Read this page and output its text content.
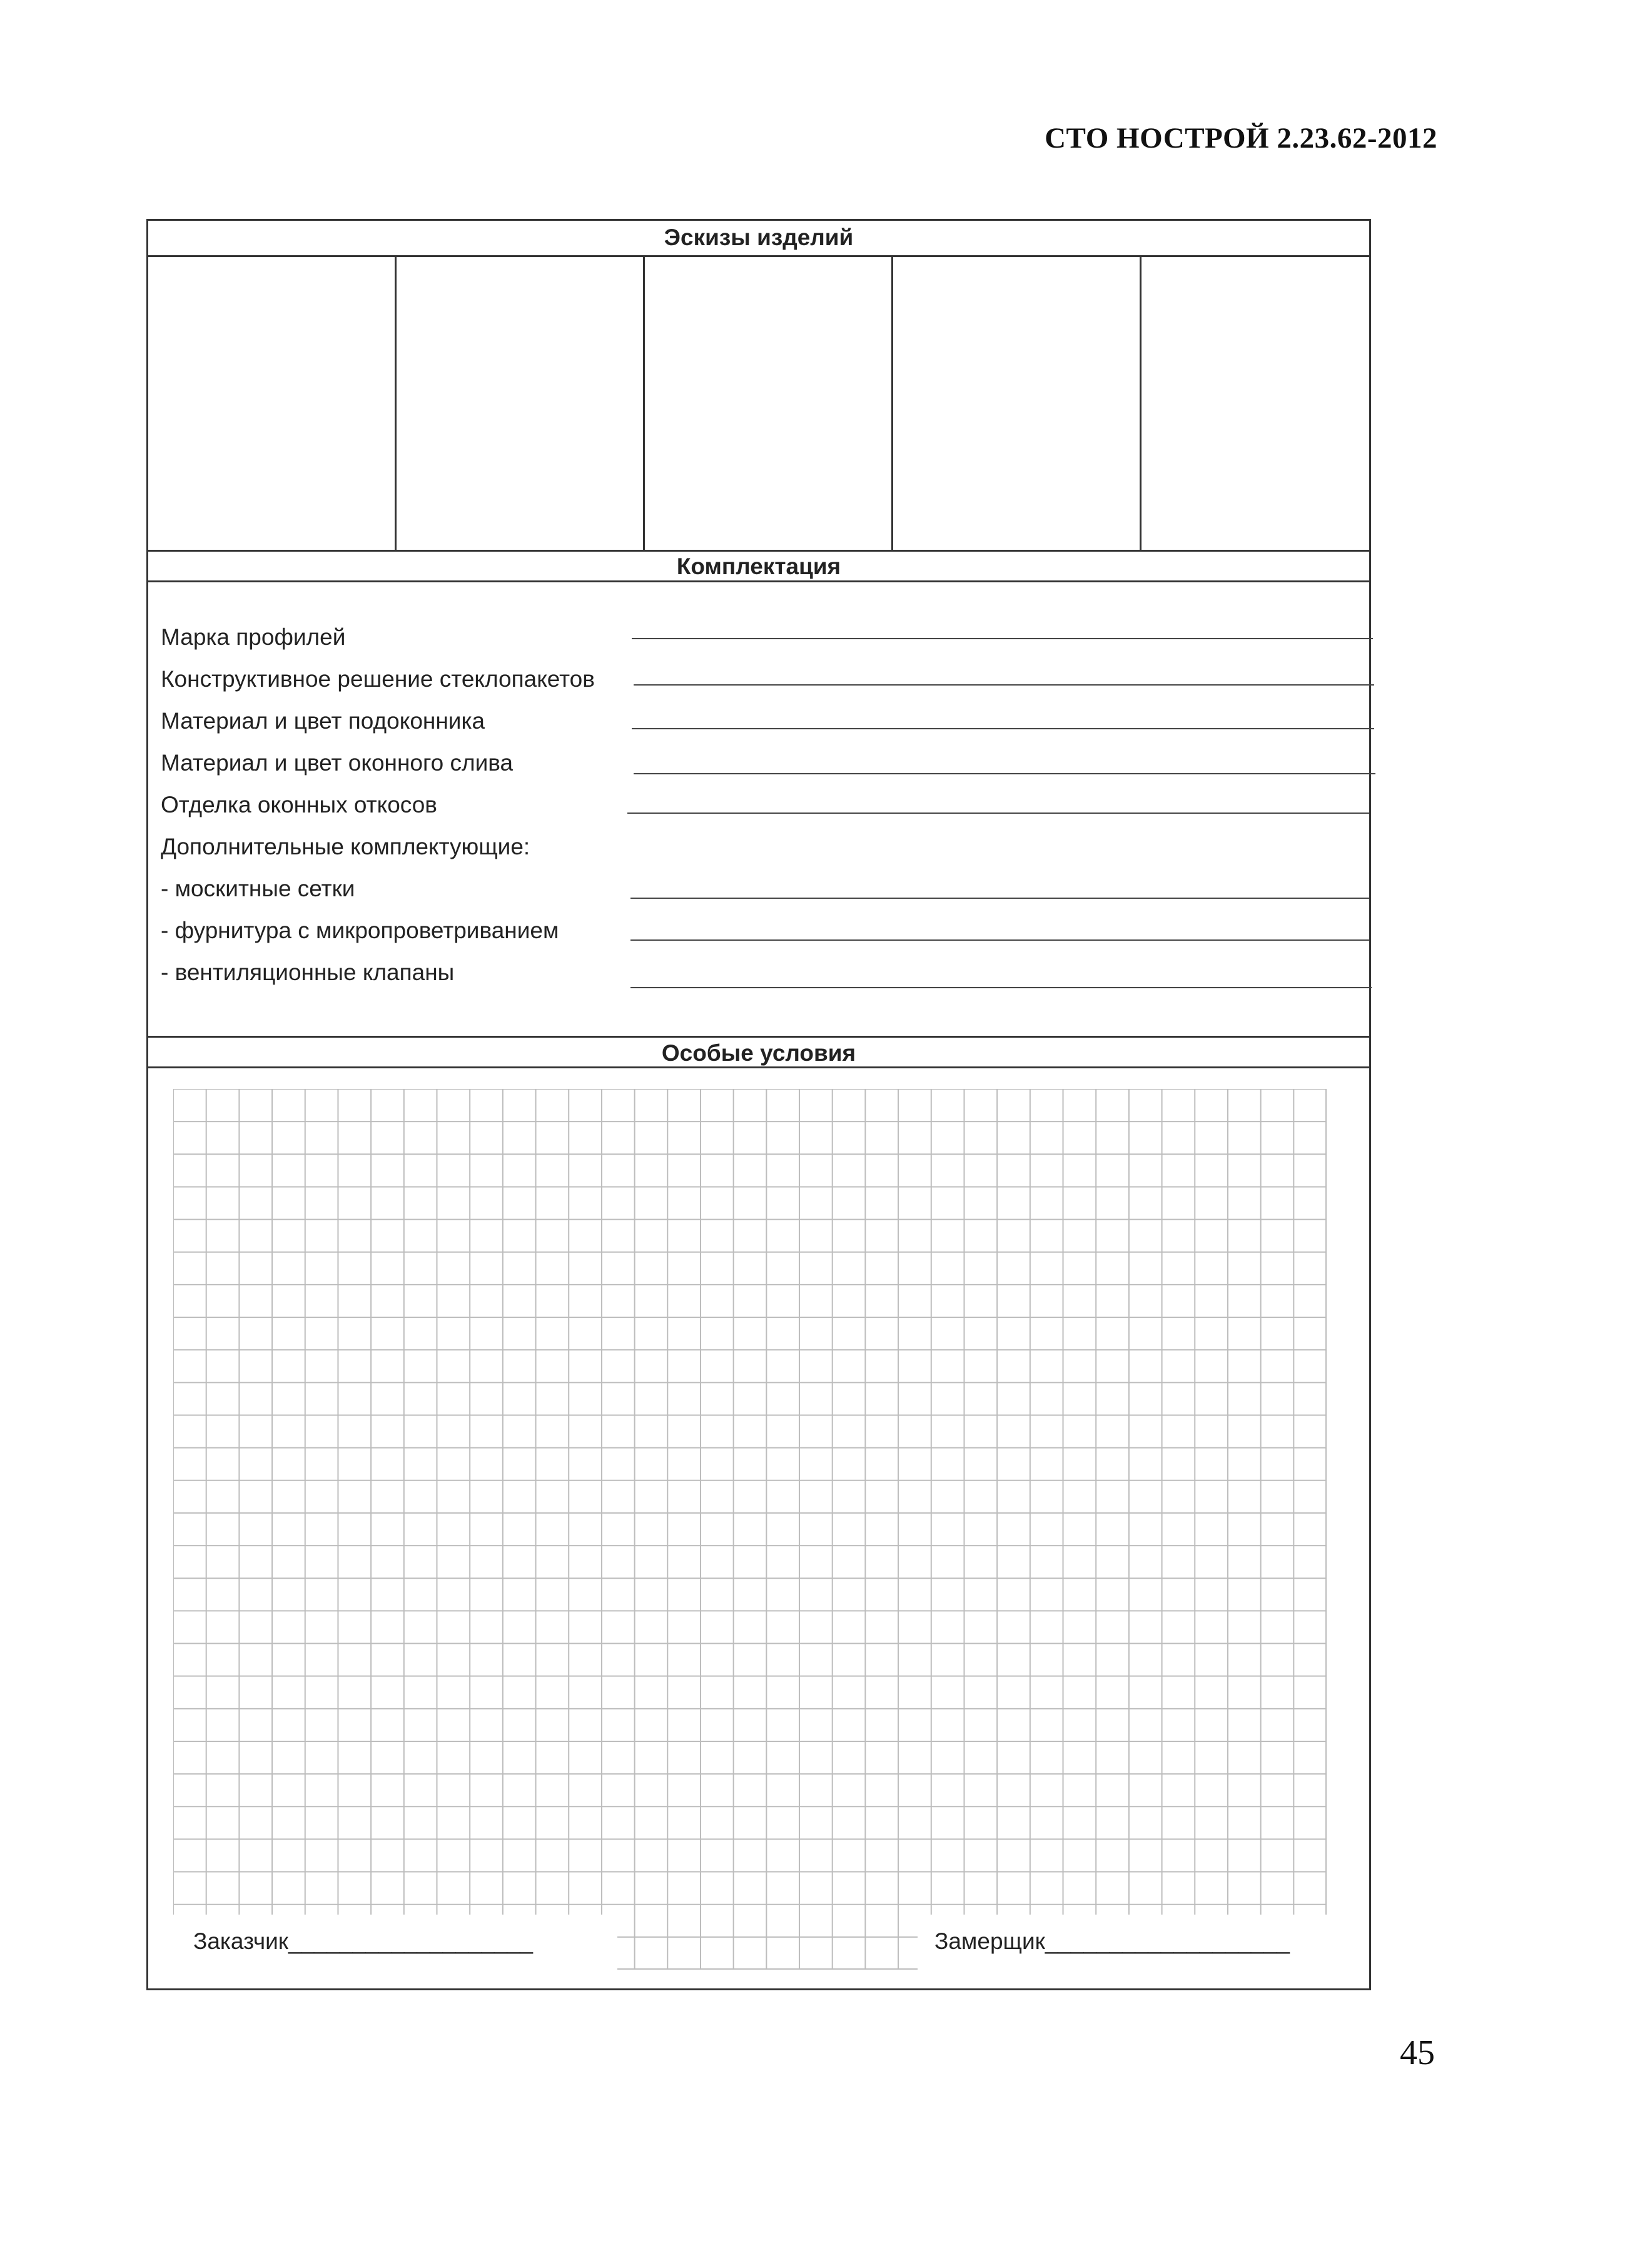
СТО НОСТРОЙ 2.23.62-2012
Эскизы изделий
Комплектация
Марка профилей
Конструктивное решение стеклопакетов
Материал и цвет подоконника
Материал и цвет оконного слива
Отделка оконных откосов
Дополнительные комплектующие:
- москитные сетки
- фурнитура с микропроветриванием
- вентиляционные клапаны
Особые условия
Заказчик___________________	Замерщик___________________
45
